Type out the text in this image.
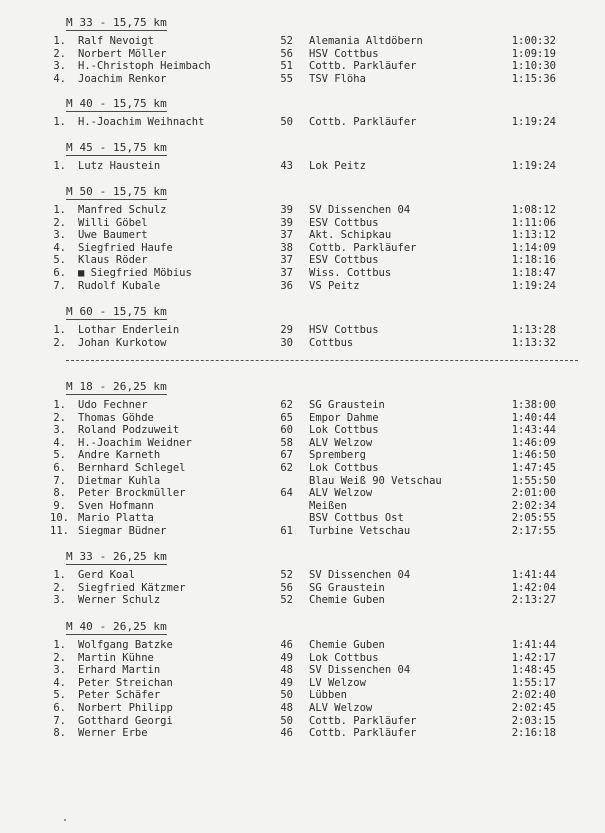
M 33 - 15,75 km
1. Ralf Nevoigt	52 Alemania Altdöbern	1:00:32
2. Norbert Möller	56 HSV Cottbus	1:09:19
3. H.-Christoph Heimbach	51 Cottb. Parkläufer	1:10:30
4. Joachim Renkor	55 TSV Flöha	1:15:36
M 40 - 15,75 km
1. H.-Joachim Weihnacht	50 Cottb. Parkläufer	1:19:24
M 45 - 15,75 km
1. Lutz Haustein	43 Lok Peitz	1:19:24
M 50 - 15,75 km
1. Manfred Schulz	39 SV Dissenchen 04	1:08:12
2. Willi Göbel	39 ESV Cottbus	1:11:06
3. Uwe Baumert	37 Akt. Schipkau	1:13:12
4. Siegfried Haufe	38 Cottb. Parkläufer	1:14:09
5. Klaus Röder	37 ESV Cottbus	1:18:16
6. ■ Siegfried Möbius	37 Wiss. Cottbus	1:18:47
7. Rudolf Kubale	36 VS Peitz	1:19:24
M 60 - 15,75 km
1. Lothar Enderlein	29 HSV Cottbus	1:13:28
2. Johan Kurkotow	30 Cottbus	1:13:32
M 18 - 26,25 km
1. Udo Fechner	62 SG Graustein	1:38:00
2. Thomas Göhde	65 Empor Dahme	1:40:44
3. Roland Podzuweit	60 Lok Cottbus	1:43:44
4. H.-Joachim Weidner	58 ALV Welzow	1:46:09
5. Andre Karneth	67 Spremberg	1:46:50
6. Bernhard Schlegel	62 Lok Cottbus	1:47:45
7. Dietmar Kuhla	Blau Weiß 90 Vetschau	1:55:50
8. Peter Brockmüller	64 ALV Welzow	2:01:00
9. Sven Hofmann	Meißen	2:02:34
10. Mario Platta	BSV Cottbus Ost	2:05:55
11. Siegmar Büdner	61 Turbine Vetschau	2:17:55
M 33 - 26,25 km
1. Gerd Koal	52 SV Dissenchen 04	1:41:44
2. Siegfried Kätzmer	56 SG Graustein	1:42:04
3. Werner Schulz	52 Chemie Guben	2:13:27
M 40 - 26,25 km
1. Wolfgang Batzke	46 Chemie Guben	1:41:44
2. Martin Kühne	49 Lok Cottbus	1:42:17
3. Erhard Martin	48 SV Dissenchen 04	1:48:45
4. Peter Streichan	49 LV Welzow	1:55:17
5. Peter Schäfer	50 Lübben	2:02:40
6. Norbert Philipp	48 ALV Welzow	2:02:45
7. Gotthard Georgi	50 Cottb. Parkläufer	2:03:15
8. Werner Erbe	46 Cottb. Parkläufer	2:16:18
